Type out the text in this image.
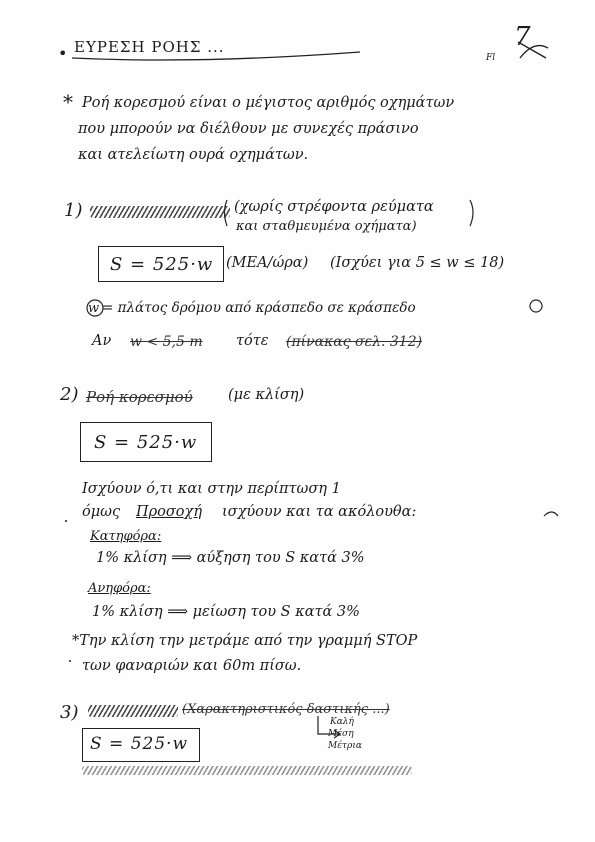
• ΕΥΡΕΣΗ ΡΟΗΣ ...	7
Fl
* Ροή κορεσμού είναι ο μέγιστος αριθμός οχημάτων
που μπορούν να διέλθουν με συνεχές πράσινο
και ατελείωτη ουρά οχημάτων.
1)	(χωρίς στρέφοντα ρεύματα
και σταθμευμένα οχήματα)
S = 525·w (ΜΕΑ/ώρα) (Ισχύει για 5 ≤ w ≤ 18)
w = πλάτος δρόμου από κράσπεδο σε κράσπεδο
Αν w < 5,5 m τότε (πίνακας σελ. 312)
2) Ροή κορεσμού (με κλίση)
S = 525·w
Ισχύουν ό,τι και στην περίπτωση 1
όμως Προσοχή ισχύουν και τα ακόλουθα:
Κατηφόρα:
1% κλίση ⟹ αύξηση του S κατά 3%
Ανηφόρα:
1% κλίση ⟹ μείωση του S κατά 3%
*Την κλίση την μετράμε από την γραμμή STOP
των φαναριών και 60m πίσω.
3)	(Χαρακτηριστικός δαστικής ...)
S = 525·w
Καλή
Μέση
Μέτρια
